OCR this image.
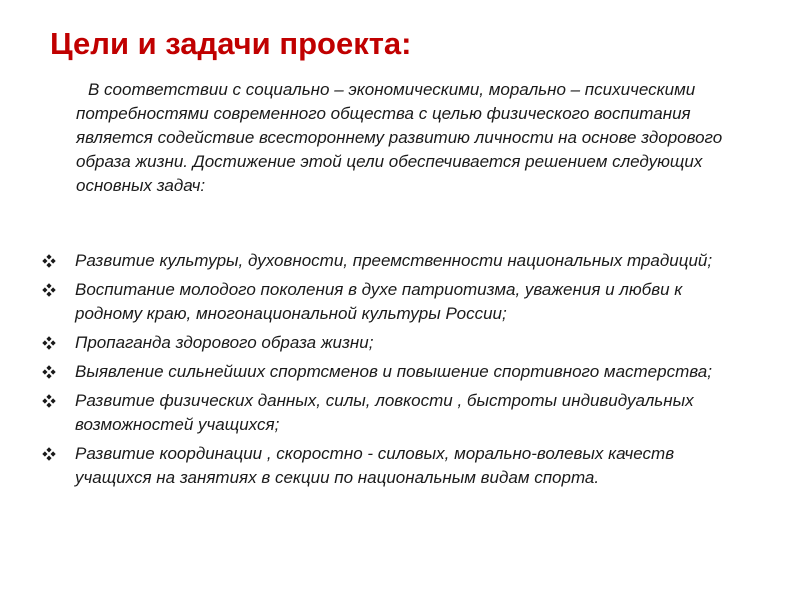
Цели и задачи проекта:

В соответствии с социально – экономическими, морально – психическими потребностями современного общества с целью физического воспитания является содействие всестороннему развитию личности на основе здорового образа жизни. Достижение этой цели обеспечивается решением следующих основных задач:

Развитие культуры, духовности, преемственности национальных традиций;
Воспитание молодого поколения в духе патриотизма, уважения и любви к родному краю, многонациональной культуры России;
Пропаганда здорового образа жизни;
Выявление сильнейших спортсменов и повышение спортивного мастерства;
Развитие физических данных, силы, ловкости , быстроты индивидуальных возможностей учащихся;
Развитие координации , скоростно - силовых, морально-волевых качеств учащихся на занятиях в секции по национальным видам спорта.
